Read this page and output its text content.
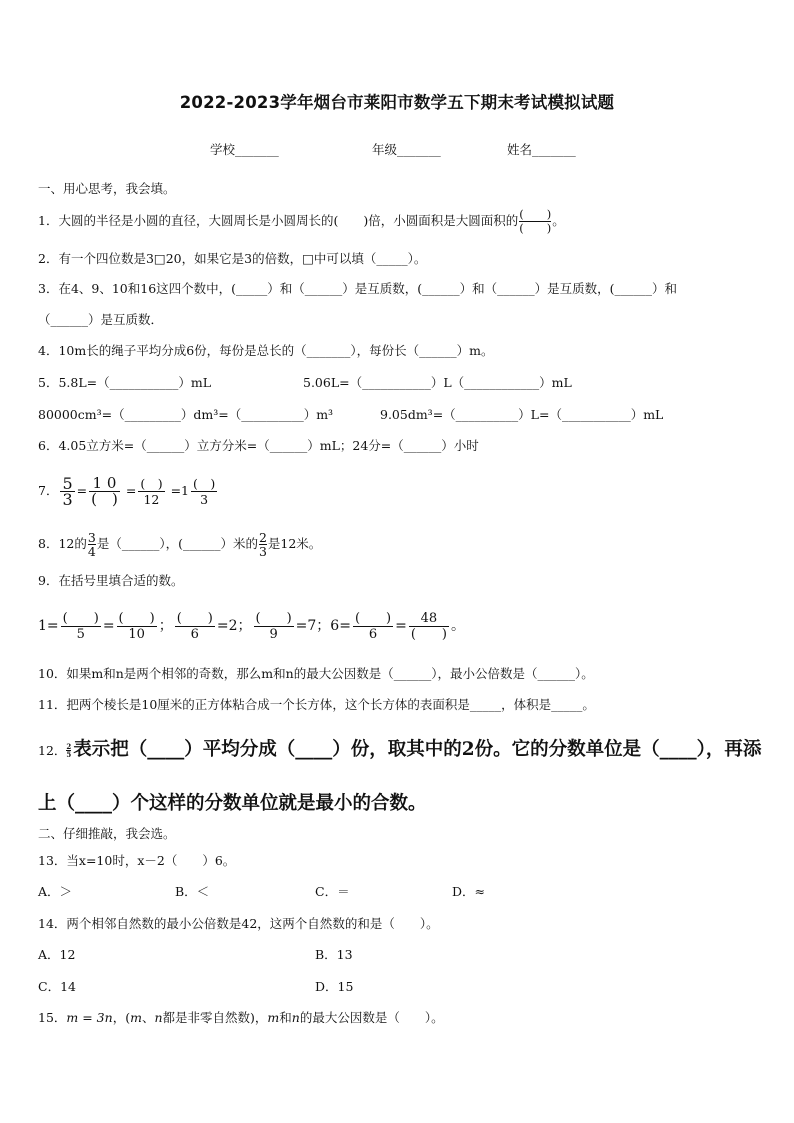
2022-2023学年烟台市莱阳市数学五下期末考试模拟试题
学校_______	年级_______	姓名_______
一、用心思考，我会填。
1．大圆的半径是小圆的直径，大圆周长是小圆周长的(　　)倍，小圆面积是大圆面积的 (　　)
(　　) 。
2．有一个四位数是3□20，如果它是3的倍数，□中可以填（_____）。
3．在4、9、10和16这四个数中，(_____）和（______）是互质数，(______）和（______）是互质数，(______）和
（______）是互质数．
4．10m长的绳子平均分成6份，每份是总长的（_______），每份长（______）m。
5．5.8L=（___________）mL	5.06L=（___________）L（____________）mL
80000cm³=（_________）dm³=（__________）m³	9.05dm³=（__________）L=（___________）mL
6．4.05立方米=（______）立方分米=（______）mL；24分=（______）小时
7． $\frac{5}{3} = \frac{1 0}{( )} = \frac{( )}{12} =1 \frac{( )}{3}$
8．12的 $\frac{3}{4}$ 是（______），(______）米的 $\frac{2}{3}$ 是12米。
9．在括号里填合适的数。
$1= \frac{( )}{5} = \frac{( )}{10}$ ； $\frac{( )}{6} =2$； $\frac{( )}{9} =7$；$6= \frac{( )}{6} = \frac{48}{( )}$ 。
10．如果m和n是两个相邻的奇数，那么m和n的最大公因数是（______），最小公倍数是（______）。
11．把两个棱长是10厘米的正方体粘合成一个长方体，这个长方体的表面积是_____，体积是_____。
12． $\frac{2}{5}$ 表示把（____）平均分成（____）份，取其中的2份。它的分数单位是（____），再添
上（____）个这样的分数单位就是最小的合数。
二、仔细推敲，我会选。
13．当x=10时，x－2（　　）6。
A．＞	B．＜	C．＝	D．≈
14．两个相邻自然数的最小公倍数是42，这两个自然数的和是（　　）。
A．12	B．13
C．14	D．15
15．m = 3n，(m、n都是非零自然数)，m和n的最大公因数是（　　）。
